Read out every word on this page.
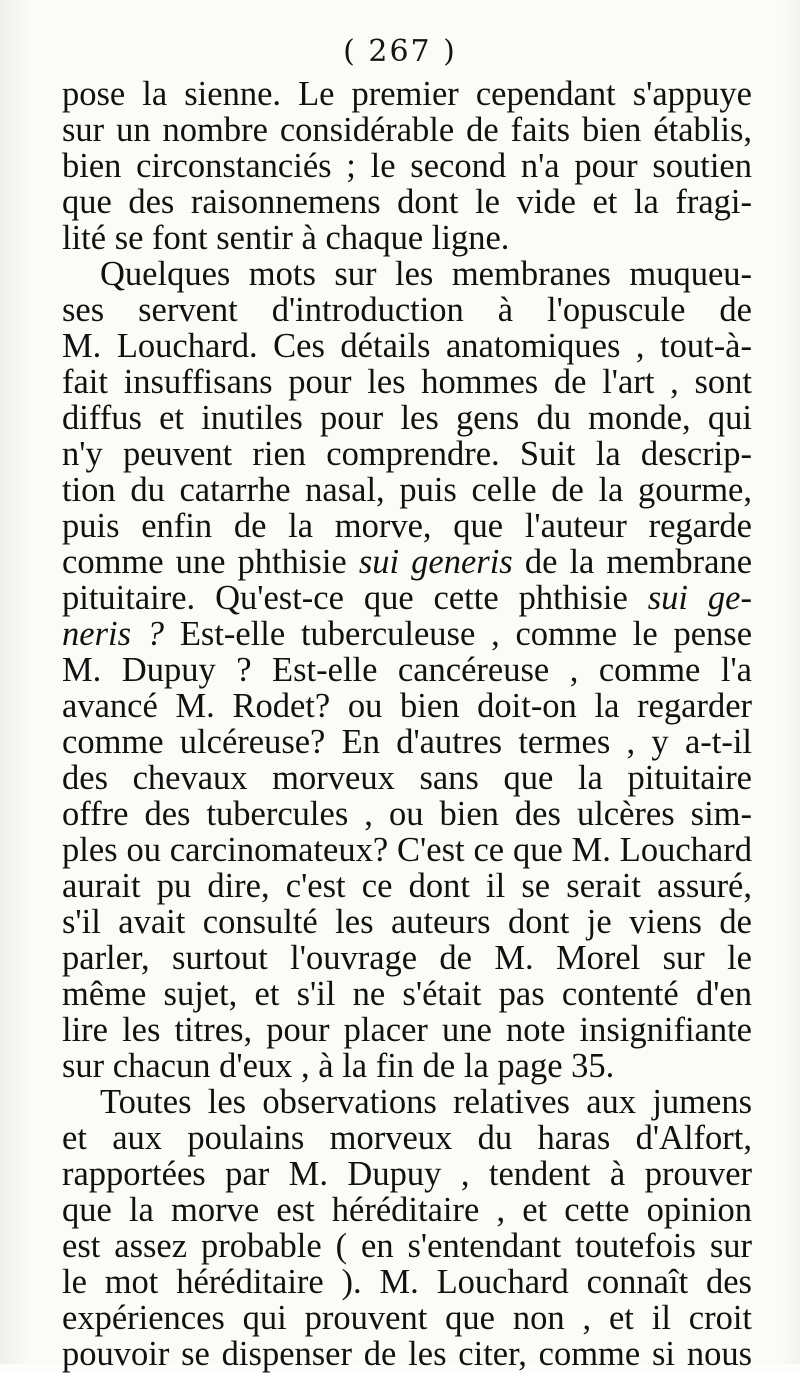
( 267 )
pose la sienne. Le premier cependant s'appuye
sur un nombre considérable de faits bien établis,
bien circonstanciés ; le second n'a pour soutien
que des raisonnemens dont le vide et la fragi-
lité se font sentir à chaque ligne.
Quelques mots sur les membranes muqueu-
ses servent d'introduction à l'opuscule de
M. Louchard. Ces détails anatomiques , tout-à-
fait insuffisans pour les hommes de l'art , sont
diffus et inutiles pour les gens du monde, qui
n'y peuvent rien comprendre. Suit la descrip-
tion du catarrhe nasal, puis celle de la gourme,
puis enfin de la morve, que l'auteur regarde
comme une phthisie sui generis de la membrane
pituitaire. Qu'est-ce que cette phthisie sui ge-
neris ? Est-elle tuberculeuse , comme le pense
M. Dupuy ? Est-elle cancéreuse , comme l'a
avancé M. Rodet? ou bien doit-on la regarder
comme ulcéreuse? En d'autres termes , y a-t-il
des chevaux morveux sans que la pituitaire
offre des tubercules , ou bien des ulcères sim-
ples ou carcinomateux? C'est ce que M. Louchard
aurait pu dire, c'est ce dont il se serait assuré,
s'il avait consulté les auteurs dont je viens de
parler, surtout l'ouvrage de M. Morel sur le
même sujet, et s'il ne s'était pas contenté d'en
lire les titres, pour placer une note insignifiante
sur chacun d'eux , à la fin de la page 35.
Toutes les observations relatives aux jumens
et aux poulains morveux du haras d'Alfort,
rapportées par M. Dupuy , tendent à prouver
que la morve est héréditaire , et cette opinion
est assez probable ( en s'entendant toutefois sur
le mot héréditaire ). M. Louchard connaît des
expériences qui prouvent que non , et il croit
pouvoir se dispenser de les citer, comme si nous
